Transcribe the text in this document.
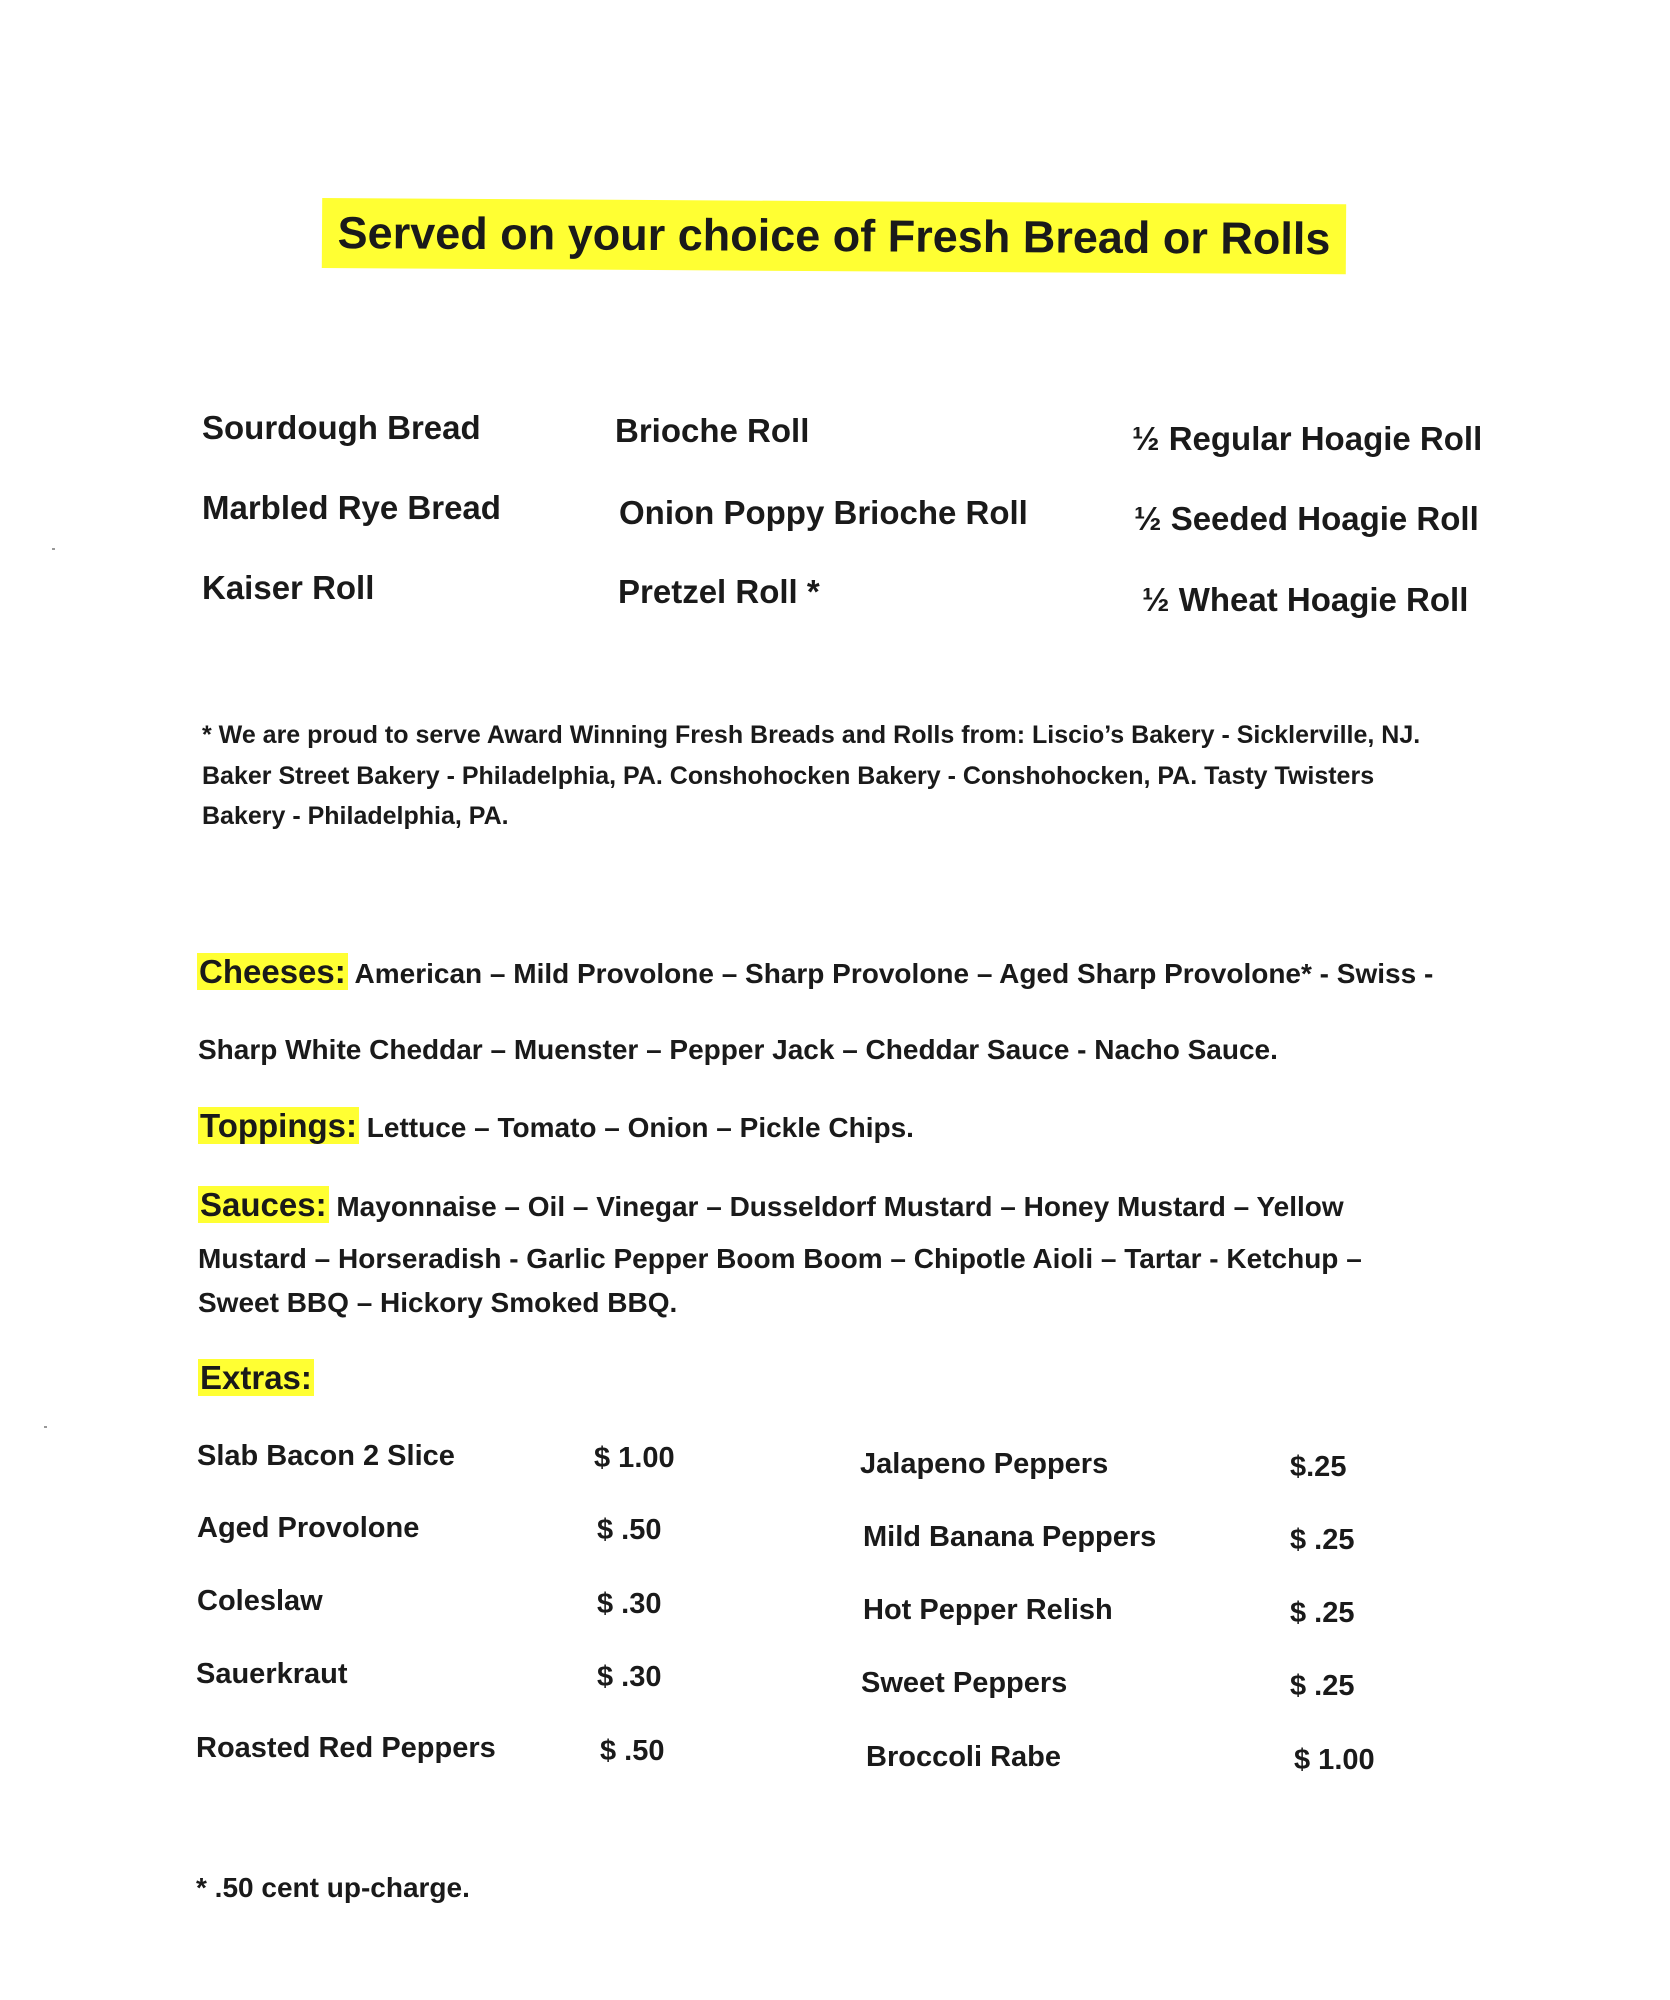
Served on your choice of Fresh Bread or Rolls
Sourdough Bread
Marbled Rye Bread
Kaiser Roll
Brioche Roll
Onion Poppy Brioche Roll
Pretzel Roll *
½ Regular Hoagie Roll
½ Seeded Hoagie Roll
½ Wheat Hoagie Roll
* We are proud to serve Award Winning Fresh Breads and Rolls from: Liscio’s Bakery - Sicklerville, NJ.
Baker Street Bakery - Philadelphia, PA. Conshohocken Bakery - Conshohocken, PA. Tasty Twisters
Bakery - Philadelphia, PA.
Cheeses: American – Mild Provolone – Sharp Provolone – Aged Sharp Provolone* - Swiss -
Sharp White Cheddar – Muenster – Pepper Jack – Cheddar Sauce - Nacho Sauce.
Toppings: Lettuce – Tomato – Onion – Pickle Chips.
Sauces: Mayonnaise – Oil – Vinegar – Dusseldorf Mustard – Honey Mustard – Yellow
Mustard – Horseradish - Garlic Pepper Boom Boom – Chipotle Aioli – Tartar - Ketchup –
Sweet BBQ – Hickory Smoked BBQ.
Extras:
Slab Bacon 2 Slice	$ 1.00
Aged Provolone	$ .50
Coleslaw	$ .30
Sauerkraut	$ .30
Roasted Red Peppers	$ .50
Jalapeno Peppers	$.25
Mild Banana Peppers	$ .25
Hot Pepper Relish	$ .25
Sweet Peppers	$ .25
Broccoli Rabe	$ 1.00
* .50 cent up-charge.
